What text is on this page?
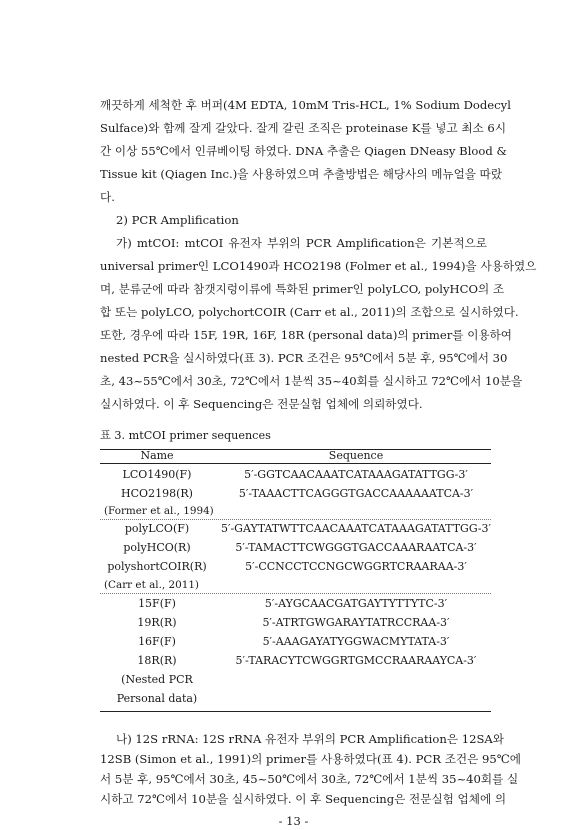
깨끗하게 세척한 후 버퍼(4M EDTA, 10mM Tris-HCL, 1% Sodium Dodecyl
Sulface)와 함께 잘게 갈았다. 잘게 갈린 조직은 proteinase K를 넣고 최소 6시
간 이상 55℃에서 인큐베이팅 하였다. DNA 추출은 Qiagen DNeasy Blood &
Tissue kit (Qiagen Inc.)을 사용하였으며 추출방법은 해당사의 메뉴얼을 따랐
다.
2) PCR Amplification
가) mtCOI: mtCOI 유전자 부위의 PCR Amplification은 기본적으로
universal primer인 LCO1490과 HCO2198 (Folmer et al., 1994)을 사용하였으
며, 분류군에 따라 참갯지렁이류에 특화된 primer인 polyLCO, polyHCO의 조
합 또는 polyLCO, polychortCOIR (Carr et al., 2011)의 조합으로 실시하였다.
또한, 경우에 따라 15F, 19R, 16F, 18R (personal data)의 primer를 이용하여
nested PCR을 실시하였다(표 3). PCR 조건은 95℃에서 5분 후, 95℃에서 30
초, 43~55℃에서 30초, 72℃에서 1분씩 35~40회를 실시하고 72℃에서 10분을
실시하였다. 이 후 Sequencing은 전문실험 업체에 의뢰하였다.
표 3. mtCOI primer sequences
Name	Sequence
LCO1490(F)	5′-GGTCAACAAATCATAAAGATATTGG-3′
HCO2198(R)	5′-TAAACTTCAGGGTGACCAAAAAATCA-3′
(Former et al., 1994)
polyLCO(F)	5′-GAYTATWTTCAACAAATCATAAAGATATTGG-3′
polyHCO(R)	5′-TAMACTTCWGGGTGACCAAARAATCA-3′
polyshortCOIR(R)	5′-CCNCCTCCNGCWGGRTCRAARAA-3′
(Carr et al., 2011)
15F(F)	5′-AYGCAACGATGAYTYTTYTC-3′
19R(R)	5′-ATRTGWGARAYTATRCCRAA-3′
16F(F)	5′-AAAGAYATYGGWACMYTATA-3′
18R(R)	5′-TARACYTCWGGRTGMCCRAARAAYCA-3′
(Nested PCR
Personal data)
나) 12S rRNA: 12S rRNA 유전자 부위의 PCR Amplification은 12SA와
12SB (Simon et al., 1991)의 primer를 사용하였다(표 4). PCR 조건은 95℃에
서 5분 후, 95℃에서 30초, 45~50℃에서 30초, 72℃에서 1분씩 35~40회를 실
시하고 72℃에서 10분을 실시하였다. 이 후 Sequencing은 전문실험 업체에 의
- 13 -
